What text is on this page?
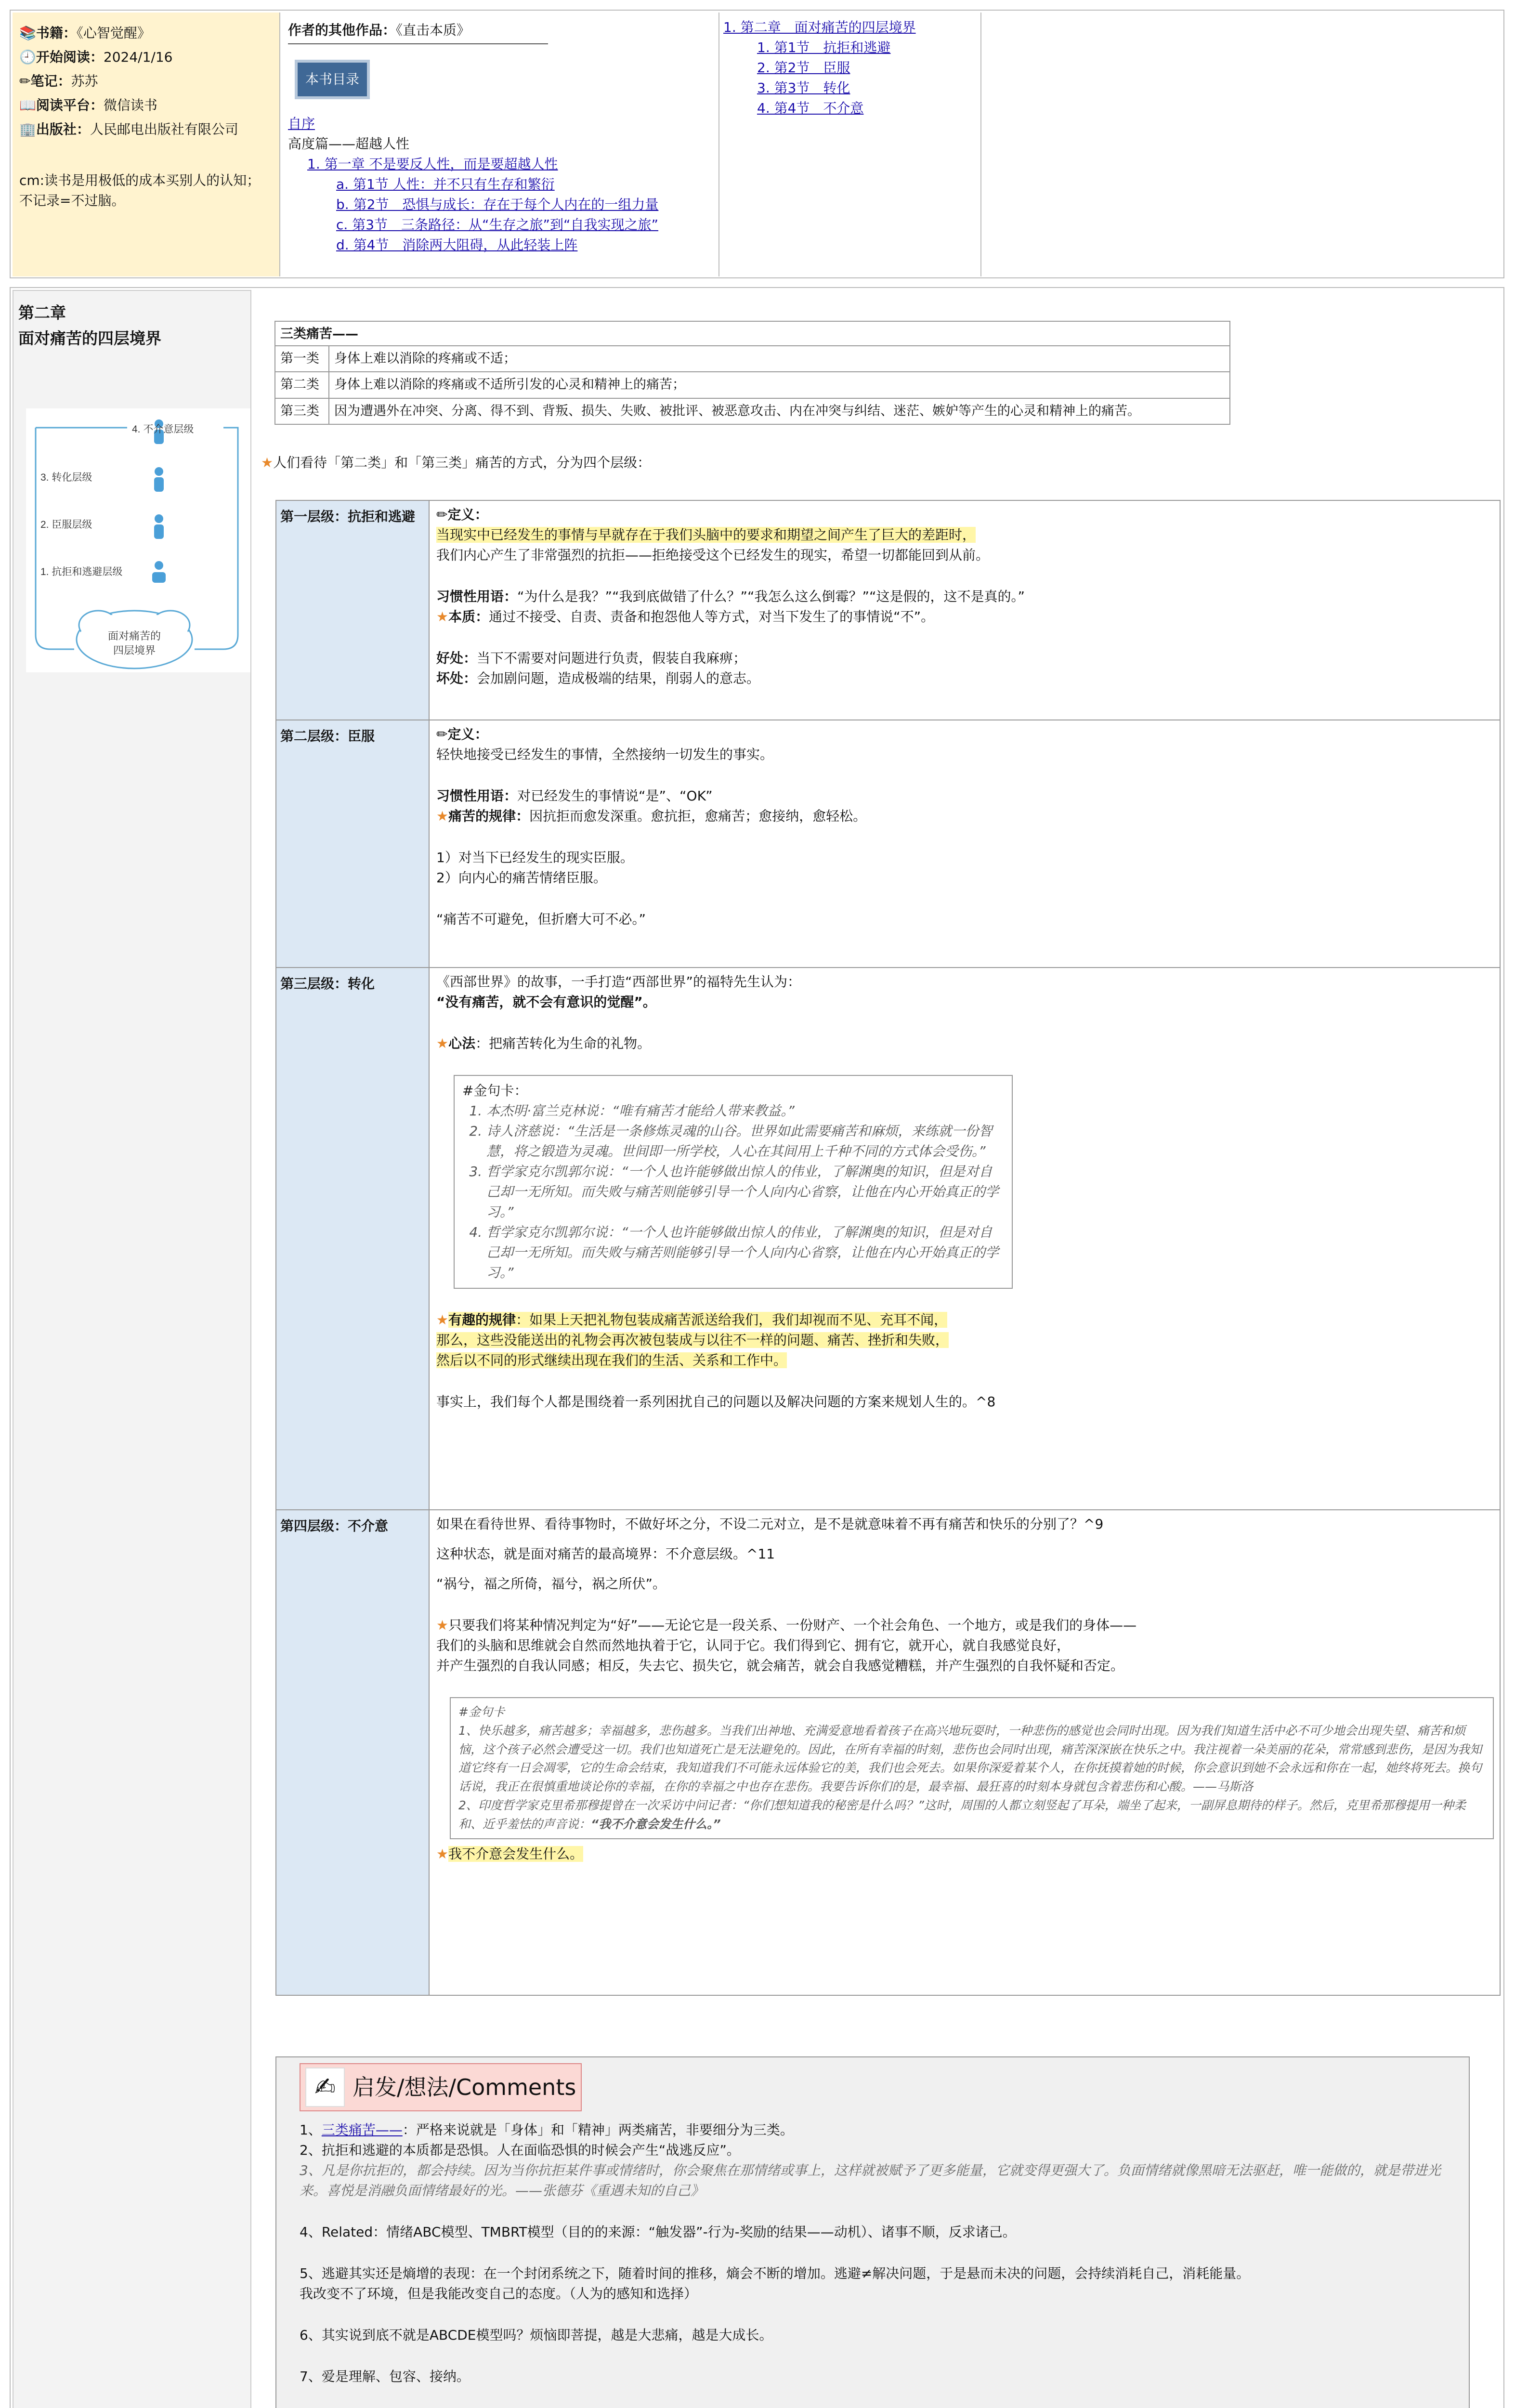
📚书籍：《心智觉醒》
🕘开始阅读：2024/1/16
✏笔记：苏苏
📖阅读平台：微信读书
🏢出版社：人民邮电出版社有限公司
cm:读书是用极低的成本买别人的认知；
不记录=不过脑。
作者的其他作品：《直击本质》
本书目录
自序
高度篇——超越人性
1. 第一章 不是要反人性，而是要超越人性
a. 第1节 人性：并不只有生存和繁衍
b. 第2节　恐惧与成长：存在于每个人内在的一组力量
c. 第3节　三条路径：从“生存之旅”到“自我实现之旅”
d. 第4节　消除两大阻碍，从此轻装上阵
1. 第二章　面对痛苦的四层境界
1. 第1节　抗拒和逃避
2. 第2节　臣服
3. 第3节　转化
4. 第4节　不介意
第二章
面对痛苦的四层境界
4. 不介意层级
3. 转化层级
2. 臣服层级
1. 抗拒和逃避层级
面对痛苦的
四层境界
三类痛苦——	
第一类	身体上难以消除的疼痛或不适；
第二类	身体上难以消除的疼痛或不适所引发的心灵和精神上的痛苦；
第三类	因为遭遇外在冲突、分离、得不到、背叛、损失、失败、被批评、被恶意攻击、内在冲突与纠结、迷茫、嫉妒等产生的心灵和精神上的痛苦。
★人们看待「第二类」和「第三类」痛苦的方式，分为四个层级：
第一层级：抗拒和逃避	✏定义：

当现实中已经发生的事情与早就存在于我们头脑中的要求和期望之间产生了巨大的差距时，

我们内心产生了非常强烈的抗拒——拒绝接受这个已经发生的现实，希望一切都能回到从前。

习惯性用语：“为什么是我？”“我到底做错了什么？”“我怎么这么倒霉？”“这是假的，这不是真的。”

★本质：通过不接受、自责、责备和抱怨他人等方式，对当下发生了的事情说“不”。

好处：当下不需要对问题进行负责，假装自我麻痹；

坏处：会加剧问题，造成极端的结果，削弱人的意志。

第二层级：臣服	✏定义：

轻快地接受已经发生的事情，全然接纳一切发生的事实。

习惯性用语：对已经发生的事情说“是”、“OK”

★痛苦的规律：因抗拒而愈发深重。愈抗拒，愈痛苦；愈接纳，愈轻松。

1）对当下已经发生的现实臣服。

2）向内心的痛苦情绪臣服。

“痛苦不可避免，但折磨大可不必。”

第三层级：转化	《西部世界》的故事，一手打造“西部世界”的福特先生认为：

“没有痛苦，就不会有意识的觉醒”。

★心法：把痛苦转化为生命的礼物。

#金句卡：
1. 本杰明·富兰克林说：“唯有痛苦才能给人带来教益。”
2. 诗人济慈说：“生活是一条修炼灵魂的山谷。世界如此需要痛苦和麻烦，来练就一份智慧，将之锻造为灵魂。世间即一所学校，人心在其间用上千种不同的方式体会受伤。”
3. 哲学家克尔凯郭尔说：“一个人也许能够做出惊人的伟业，了解渊奥的知识，但是对自己却一无所知。而失败与痛苦则能够引导一个人向内心省察，让他在内心开始真正的学习。”
4. 哲学家克尔凯郭尔说：“一个人也许能够做出惊人的伟业，了解渊奥的知识，但是对自己却一无所知。而失败与痛苦则能够引导一个人向内心省察，让他在内心开始真正的学习。”

★有趣的规律：如果上天把礼物包装成痛苦派送给我们，我们却视而不见、充耳不闻，

那么，这些没能送出的礼物会再次被包装成与以往不一样的问题、痛苦、挫折和失败，

然后以不同的形式继续出现在我们的生活、关系和工作中。

事实上，我们每个人都是围绕着一系列困扰自己的问题以及解决问题的方案来规划人生的。^8

第四层级：不介意	如果在看待世界、看待事物时，不做好坏之分，不设二元对立，是不是就意味着不再有痛苦和快乐的分别了？^9

这种状态，就是面对痛苦的最高境界：不介意层级。^11

“祸兮，福之所倚，福兮，祸之所伏”。

★只要我们将某种情况判定为“好”——无论它是一段关系、一份财产、一个社会角色、一个地方，或是我们的身体——

我们的头脑和思维就会自然而然地执着于它，认同于它。我们得到它、拥有它，就开心，就自我感觉良好，

并产生强烈的自我认同感；相反，失去它、损失它，就会痛苦，就会自我感觉糟糕，并产生强烈的自我怀疑和否定。

#金句卡
1、快乐越多，痛苦越多；幸福越多，悲伤越多。当我们出神地、充满爱意地看着孩子在高兴地玩耍时，一种悲伤的感觉也会同时出现。因为我们知道生活中必不可少地会出现失望、痛苦和烦恼，这个孩子必然会遭受这一切。我们也知道死亡是无法避免的。因此，在所有幸福的时刻，悲伤也会同时出现，痛苦深深嵌在快乐之中。我注视着一朵美丽的花朵，常常感到悲伤，是因为我知道它终有一日会凋零，它的生命会结束，我知道我们不可能永远体验它的美，我们也会死去。如果你深爱着某个人，在你抚摸着她的时候，你会意识到她不会永远和你在一起，她终将死去。换句话说，我正在很慎重地谈论你的幸福，在你的幸福之中也存在悲伤。我要告诉你们的是，最幸福、最狂喜的时刻本身就包含着悲伤和心酸。——马斯洛
2、印度哲学家克里希那穆提曾在一次采访中问记者：“你们想知道我的秘密是什么吗？”这时，周围的人都立刻竖起了耳朵，端坐了起来，一副屏息期待的样子。然后，克里希那穆提用一种柔和、近乎羞怯的声音说：“我不介意会发生什么。”

★我不介意会发生什么。

✍ 启发/想法/Comments

1、三类痛苦——：严格来说就是「身体」和「精神」两类痛苦，非要细分为三类。

2、抗拒和逃避的本质都是恐惧。人在面临恐惧的时候会产生“战逃反应”。

3、凡是你抗拒的，都会持续。因为当你抗拒某件事或情绪时，你会聚焦在那情绪或事上，这样就被赋予了更多能量，它就变得更强大了。负面情绪就像黑暗无法驱赶，唯一能做的，就是带进光来。喜悦是消融负面情绪最好的光。——张德芬《重遇未知的自己》

4、Related：情绪ABC模型、TMBRT模型（目的的来源：“触发器”-行为-奖励的结果——动机）、诸事不顺，反求诸己。

5、逃避其实还是熵增的表现：在一个封闭系统之下，随着时间的推移，熵会不断的增加。逃避≠解决问题，于是悬而未决的问题，会持续消耗自己，消耗能量。

我改变不了环境，但是我能改变自己的态度。（人为的感知和选择）

6、其实说到底不就是ABCDE模型吗？烦恼即菩提，越是大悲痛，越是大成长。

7、爱是理解、包容、接纳。
